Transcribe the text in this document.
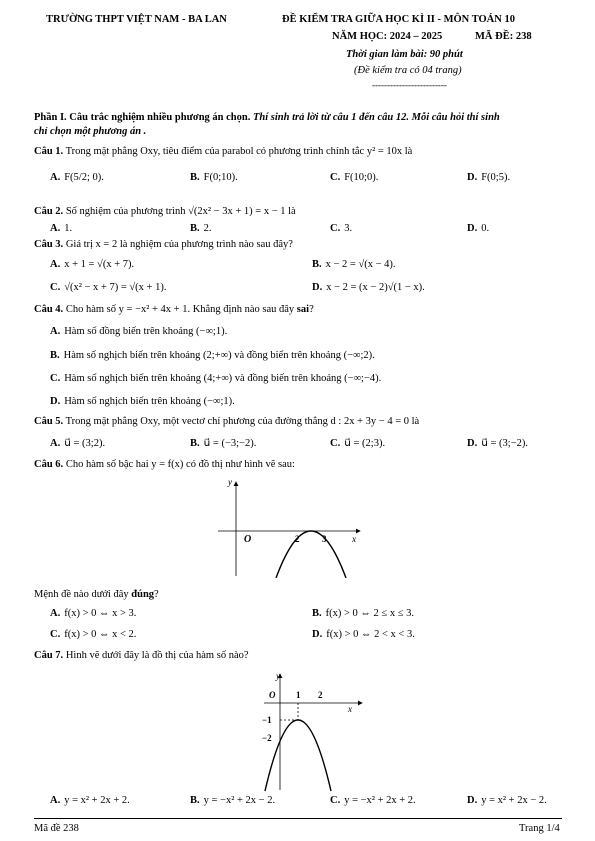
TRƯỜNG THPT VIỆT NAM - BA LAN	ĐỀ KIỂM TRA GIỮA HỌC KÌ II - MÔN TOÁN 10
NĂM HỌC: 2024 – 2025	MÃ ĐỀ: 238
Thời gian làm bài: 90 phút
(Đề kiểm tra có 04 trang)
-------------------------
Phần I. Câu trắc nghiệm nhiều phương án chọn. Thí sinh trả lời từ câu 1 đến câu 12. Mỗi câu hỏi thí sinh
chỉ chọn một phương án .
Câu 1. Trong mặt phẳng Oxy, tiêu điểm của parabol có phương trình chính tắc y² = 10x là
A. F(5/2; 0).	B. F(0;10).	C. F(10;0).	D. F(0;5).
Câu 2. Số nghiệm của phương trình √(2x² − 3x + 1) = x − 1 là
A. 1.	B. 2.	C. 3.	D. 0.
Câu 3. Giá trị x = 2 là nghiệm của phương trình nào sau đây?
A. x + 1 = √(x + 7).	B. x − 2 = √(x − 4).
C. √(x² − x + 7) = √(x + 1).	D. x − 2 = (x − 2)√(1 − x).
Câu 4. Cho hàm số y = −x² + 4x + 1. Khẳng định nào sau đây sai?
A. Hàm số đồng biến trên khoảng (−∞;1).
B. Hàm số nghịch biến trên khoảng (2;+∞) và đồng biến trên khoảng (−∞;2).
C. Hàm số nghịch biến trên khoảng (4;+∞) và đồng biến trên khoảng (−∞;−4).
D. Hàm số nghịch biến trên khoảng (−∞;1).
Câu 5. Trong mặt phẳng Oxy, một vectơ chỉ phương của đường thẳng d : 2x + 3y − 4 = 0 là
A. u⃗ = (3;2).	B. u⃗ = (−3;−2).	C. u⃗ = (2;3).	D. u⃗ = (3;−2).
Câu 6. Cho hàm số bậc hai y = f(x) có đồ thị như hình vẽ sau:
y
O	2	3	x
Mệnh đề nào dưới đây đúng?
A. f(x) > 0 ⇔ x > 3.	B. f(x) > 0 ⇔ 2 ≤ x ≤ 3.
C. f(x) > 0 ⇔ x < 2.	D. f(x) > 0 ⇔ 2 < x < 3.
Câu 7. Hình vẽ dưới đây là đồ thị của hàm số nào?
y
O 1 2
x
−1
−2
A. y = x² + 2x + 2.	B. y = −x² + 2x − 2.	C. y = −x² + 2x + 2.	D. y = x² + 2x − 2.
Mã đề 238	Trang 1/4
